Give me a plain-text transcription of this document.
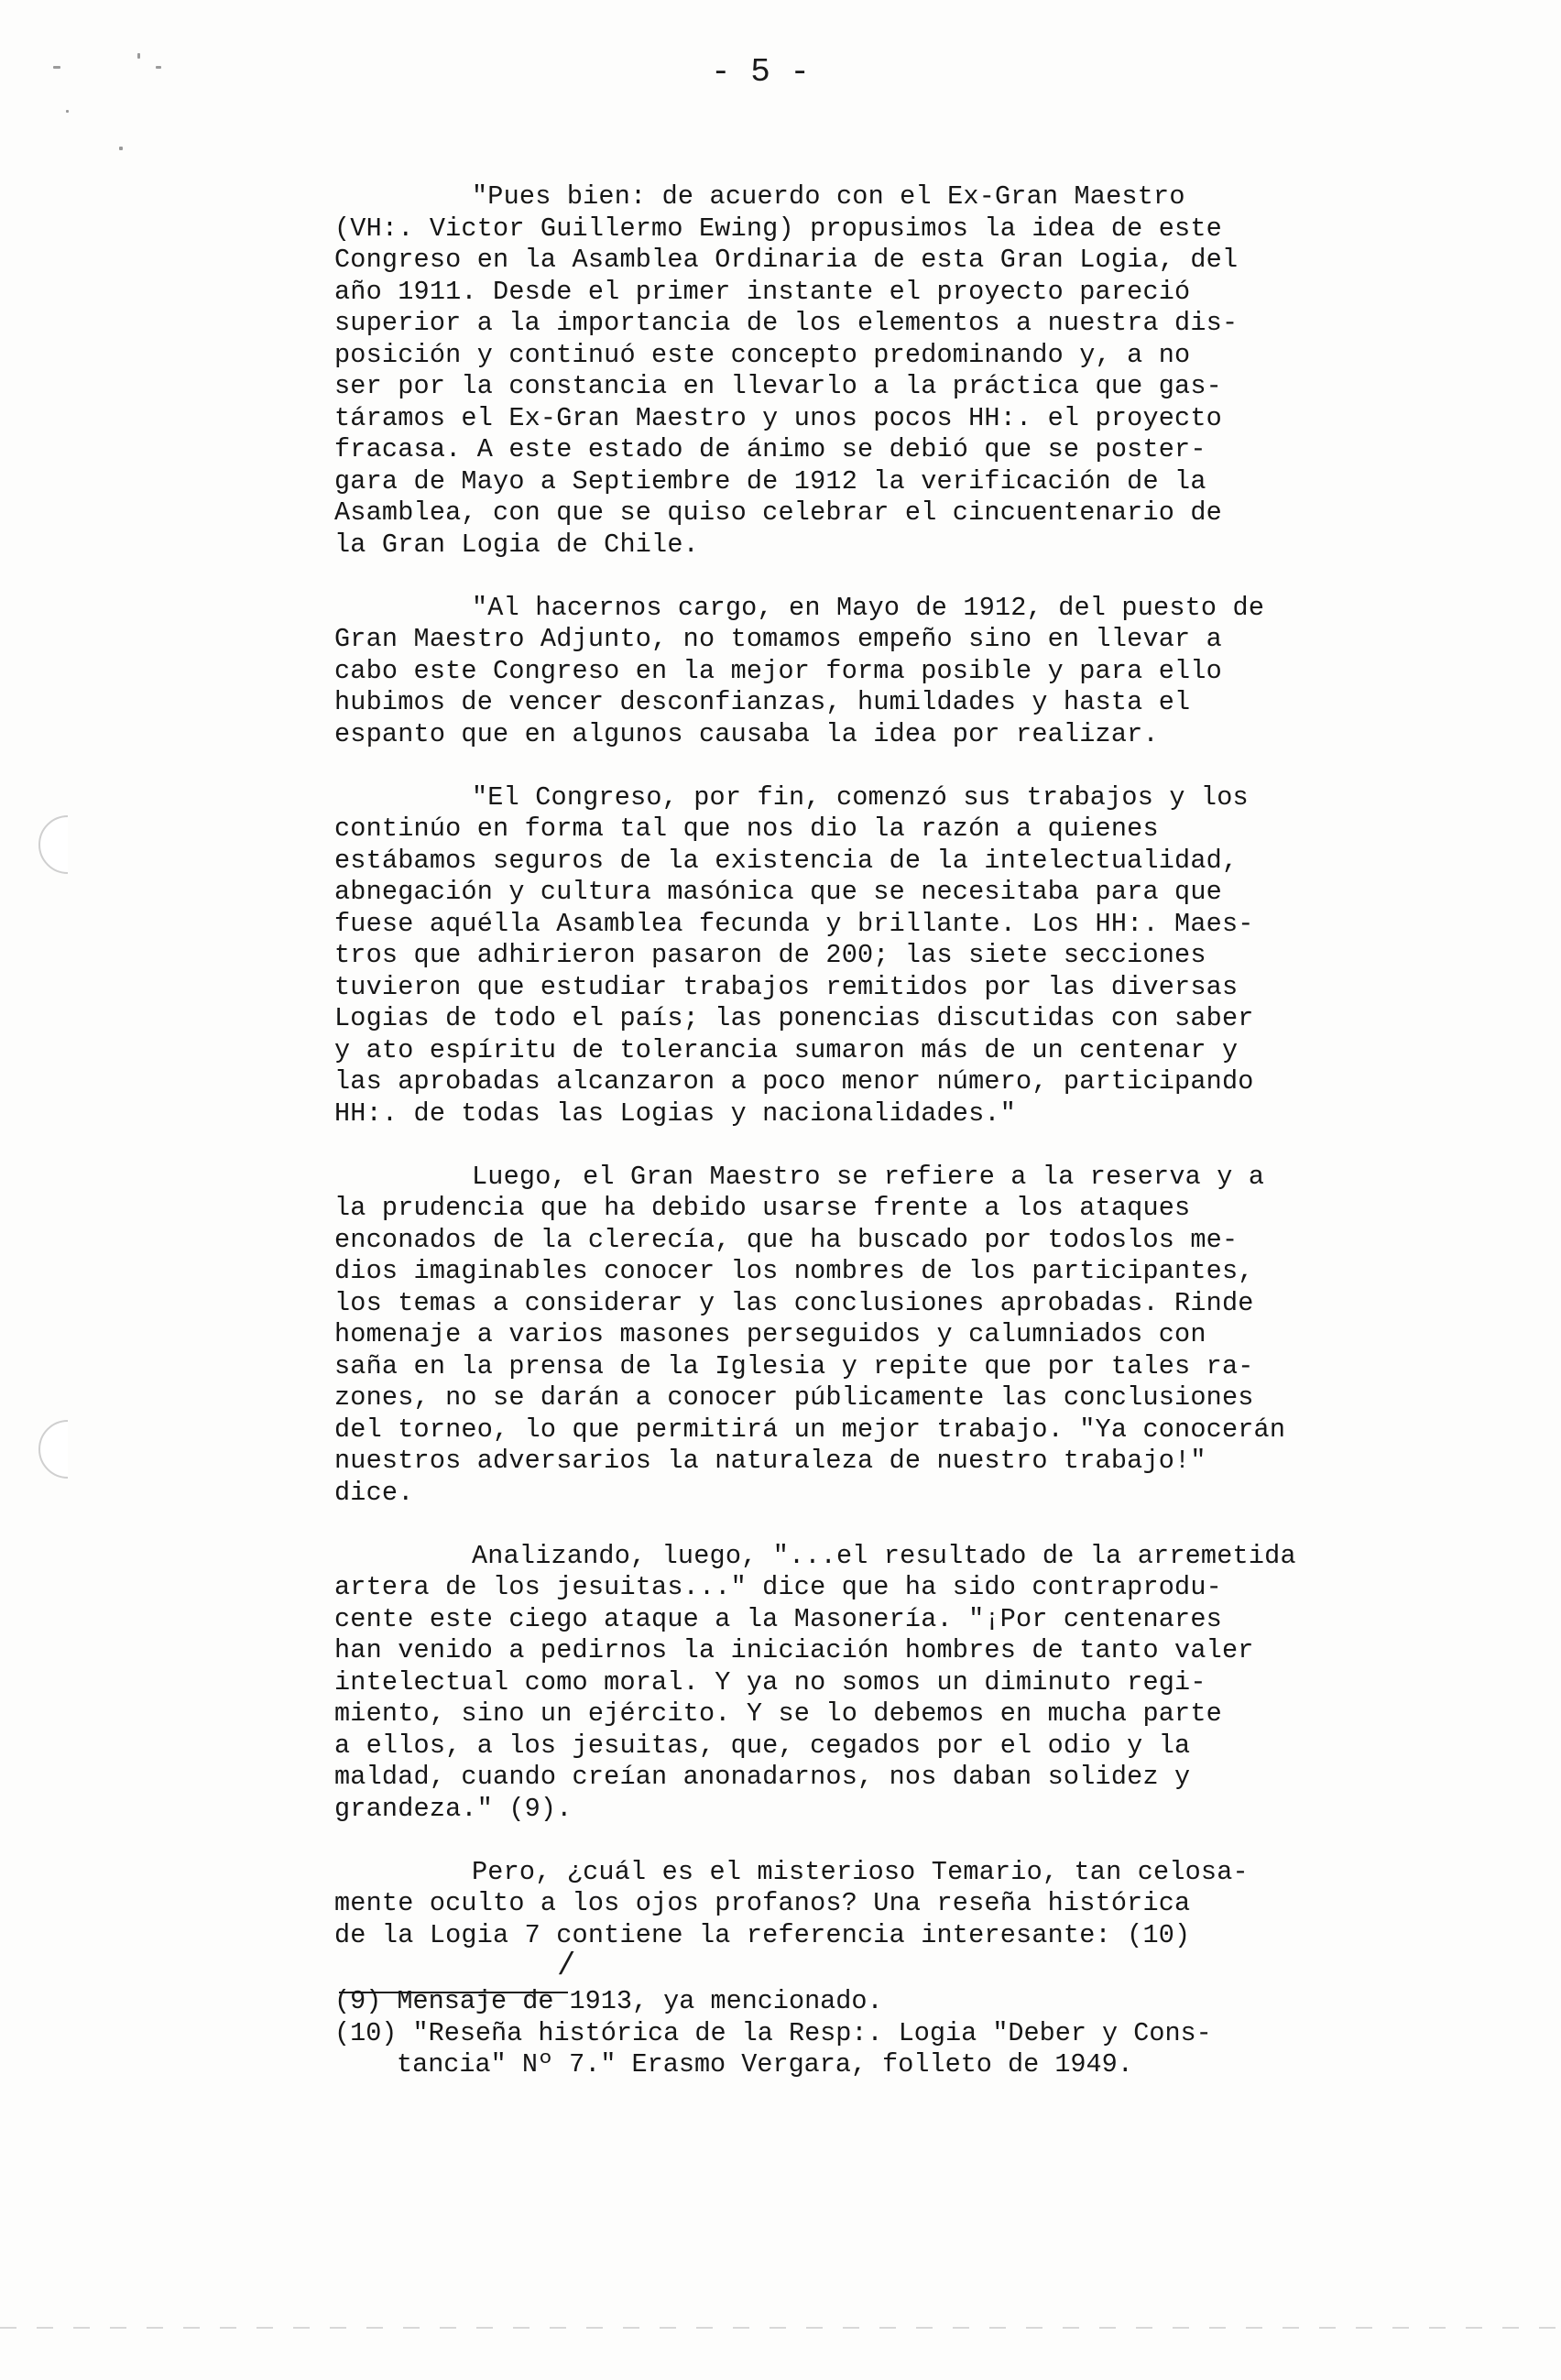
- 5 -
"Pues bien: de acuerdo con el Ex-Gran Maestro
(VH:. Victor Guillermo Ewing) propusimos la idea de este
Congreso en la Asamblea Ordinaria de esta Gran Logia, del
año 1911. Desde el primer instante el proyecto pareció
superior a la importancia de los elementos a nuestra dis-
posición y continuó este concepto predominando y, a no
ser por la constancia en llevarlo a la práctica que gas-
táramos el Ex-Gran Maestro y unos pocos HH:. el proyecto
fracasa. A este estado de ánimo se debió que se poster-
gara de Mayo a Septiembre de 1912 la verificación de la
Asamblea, con que se quiso celebrar el cincuentenario de
la Gran Logia de Chile.
"Al hacernos cargo, en Mayo de 1912, del puesto de
Gran Maestro Adjunto, no tomamos empeño sino en llevar a
cabo este Congreso en la mejor forma posible y para ello
hubimos de vencer desconfianzas, humildades y hasta el
espanto que en algunos causaba la idea por realizar.
"El Congreso, por fin, comenzó sus trabajos y los
continúo en forma tal que nos dio la razón a quienes
estábamos seguros de la existencia de la intelectualidad,
abnegación y cultura masónica que se necesitaba para que
fuese aquélla Asamblea fecunda y brillante. Los HH:. Maes-
tros que adhirieron pasaron de 200; las siete secciones
tuvieron que estudiar trabajos remitidos por las diversas
Logias de todo el país; las ponencias discutidas con saber
y ato espíritu de tolerancia sumaron más de un centenar y
las aprobadas alcanzaron a poco menor número, participando
HH:. de todas las Logias y nacionalidades."
Luego, el Gran Maestro se refiere a la reserva y a
la prudencia que ha debido usarse frente a los ataques
enconados de la clerecía, que ha buscado por todoslos me-
dios imaginables conocer los nombres de los participantes,
los temas a considerar y las conclusiones aprobadas. Rinde
homenaje a varios masones perseguidos y calumniados con
saña en la prensa de la Iglesia y repite que por tales ra-
zones, no se darán a conocer públicamente las conclusiones
del torneo, lo que permitirá un mejor trabajo. "Ya conocerán
nuestros adversarios la naturaleza de nuestro trabajo!"
dice.
Analizando, luego, "...el resultado de la arremetida
artera de los jesuitas..." dice que ha sido contraprodu-
cente este ciego ataque a la Masonería. "¡Por centenares
han venido a pedirnos la iniciación hombres de tanto valer
intelectual como moral. Y ya no somos un diminuto regi-
miento, sino un ejército. Y se lo debemos en mucha parte
a ellos, a los jesuitas, que, cegados por el odio y la
maldad, cuando creían anonadarnos, nos daban solidez y
grandeza." (9).
Pero, ¿cuál es el misterioso Temario, tan celosa-
mente oculto a los ojos profanos? Una reseña histórica
de la Logia 7 contiene la referencia interesante: (10)
/
(9) Mensaje de 1913, ya mencionado.
(10) "Reseña histórica de la Resp:. Logia "Deber y Cons-
tancia" Nº 7." Erasmo Vergara, folleto de 1949.
